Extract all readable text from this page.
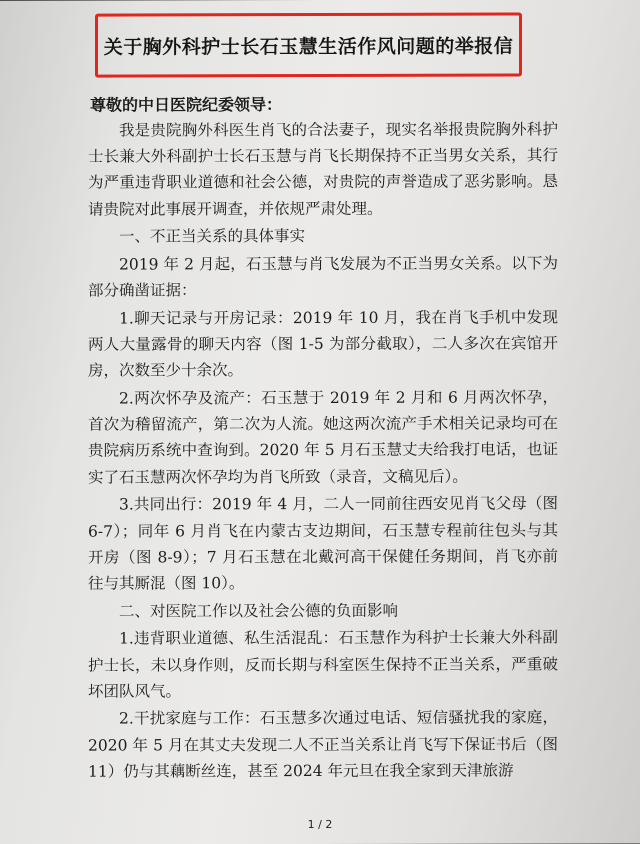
关于胸外科护士长石玉慧生活作风问题的举报信
尊敬的中日医院纪委领导：

我是贵院胸外科医生肖飞的合法妻子，现实名举报贵院胸外科护士长兼大外科副护士长石玉慧与肖飞长期保持不正当男女关系，其行为严重违背职业道德和社会公德，对贵院的声誉造成了恶劣影响。恳请贵院对此事展开调查，并依规严肃处理。

一、不正当关系的具体事实

2019 年 2 月起，石玉慧与肖飞发展为不正当男女关系。以下为部分确凿证据：

1.聊天记录与开房记录：2019 年 10 月，我在肖飞手机中发现两人大量露骨的聊天内容（图 1-5 为部分截取），二人多次在宾馆开房，次数至少十余次。

2.两次怀孕及流产：石玉慧于 2019 年 2 月和 6 月两次怀孕，首次为稽留流产，第二次为人流。她这两次流产手术相关记录均可在贵院病历系统中查询到。2020 年 5 月石玉慧丈夫给我打电话，也证实了石玉慧两次怀孕均为肖飞所致（录音，文稿见后）。

3.共同出行：2019 年 4 月，二人一同前往西安见肖飞父母（图 6-7）；同年 6 月肖飞在内蒙古支边期间，石玉慧专程前往包头与其开房（图 8-9）；7 月石玉慧在北戴河高干保健任务期间，肖飞亦前往与其厮混（图 10）。

二、对医院工作以及社会公德的负面影响

1.违背职业道德、私生活混乱：石玉慧作为科护士长兼大外科副护士长，未以身作则，反而长期与科室医生保持不正当关系，严重破坏团队风气。

2.干扰家庭与工作：石玉慧多次通过电话、短信骚扰我的家庭，2020 年 5 月在其丈夫发现二人不正当关系让肖飞写下保证书后（图 11）仍与其藕断丝连，甚至 2024 年元旦在我全家到天津旅游

1 / 2
